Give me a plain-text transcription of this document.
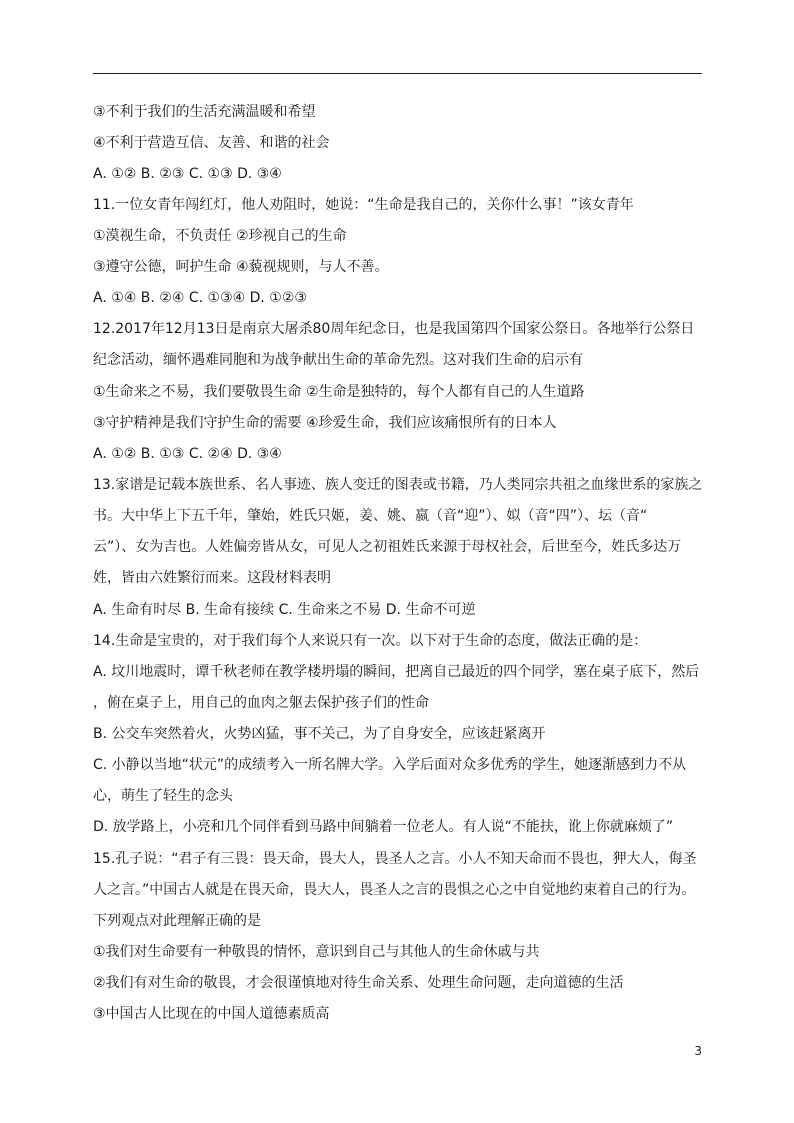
③不利于我们的生活充满温暖和希望
④不利于营造互信、友善、和谐的社会
A. ①② B. ②③ C. ①③ D. ③④
11.一位女青年闯红灯，他人劝阻时，她说：“生命是我自己的，关你什么事！”该女青年
①漠视生命，不负责任 ②珍视自己的生命
③遵守公德，呵护生命 ④藐视规则，与人不善。
A. ①④ B. ②④ C. ①③④ D. ①②③
12.2017年12月13日是南京大屠杀80周年纪念日，也是我国第四个国家公祭日。各地举行公祭日
纪念活动，缅怀遇难同胞和为战争献出生命的革命先烈。这对我们生命的启示有
①生命来之不易，我们要敬畏生命 ②生命是独特的，每个人都有自己的人生道路
③守护精神是我们守护生命的需要 ④珍爱生命，我们应该痛恨所有的日本人
A. ①② B. ①③ C. ②④ D. ③④
13.家谱是记载本族世系、名人事迹、族人变迁的图表或书籍，乃人类同宗共祖之血缘世系的家族之
书。大中华上下五千年，肇始，姓氏只姬，姜、姚、嬴（音“迎”）、姒（音“四”）、坛（音“
云”）、女为吉也。人姓偏旁皆从女，可见人之初祖姓氏来源于母权社会，后世至今，姓氏多达万
姓，皆由六姓繁衍而来。这段材料表明
A. 生命有时尽 B. 生命有接续 C. 生命来之不易 D. 生命不可逆
14.生命是宝贵的，对于我们每个人来说只有一次。以下对于生命的态度，做法正确的是：
A. 坟川地震时，谭千秋老师在教学楼坍塌的瞬间，把离自己最近的四个同学，塞在桌子底下，然后
，俯在桌子上，用自己的血肉之躯去保护孩子们的性命
B. 公交车突然着火，火势凶猛，事不关己，为了自身安全，应该赶紧离开
C. 小静以当地“状元”的成绩考入一所名牌大学。入学后面对众多优秀的学生，她逐渐感到力不从
心，萌生了轻生的念头
D. 放学路上，小亮和几个同伴看到马路中间躺着一位老人。有人说“不能扶，讹上你就麻烦了”
15.孔子说：“君子有三畏：畏天命，畏大人，畏圣人之言。小人不知天命而不畏也，狎大人，侮圣
人之言。”中国古人就是在畏天命，畏大人，畏圣人之言的畏惧之心之中自觉地约束着自己的行为。
下列观点对此理解正确的是
①我们对生命要有一种敬畏的情怀，意识到自己与其他人的生命休戚与共
②我们有对生命的敬畏，才会很谨慎地对待生命关系、处理生命问题，走向道德的生活
③中国古人比现在的中国人道德素质高
3
